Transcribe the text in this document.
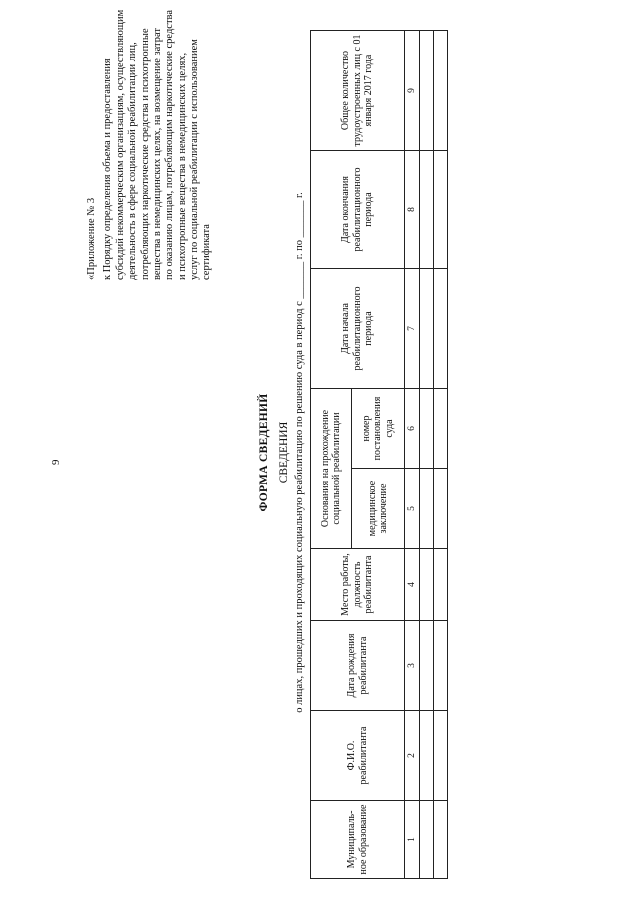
9
«Приложение № 3 к Порядку определения объема и предоставления субсидий некоммерческим организациям, осуществляющим деятельность в сфере социальной реабилитации лиц, потребляющих наркотические средства и психотропные вещества в немедицинских целях, на возмещение затрат по оказанию лицам, потребляющим наркотические средства и психотропные вещества в немедицинских целях, услуг по социальной реабилитации с использованием сертификата
ФОРМА СВЕДЕНИЙ СВЕДЕНИЯ о лицах, прошедших и проходящих социальную реабилитацию по решению суда в период с _______ г. по _______ г.
Муниципаль-ное образование	Ф.И.О. реабилитанта	Дата рождения реабилитанта	Место работы, должность реабилитанта	Основания на прохождение социальной реабилитации		Дата начала реабилитационного периода	Дата окончания реабилитационного периода	Общее количество трудоустроенных лиц с 01 января 2017 года
				медицинское заключение	номер постановления суда			
1	2	3	4	5	6	7	8	9
